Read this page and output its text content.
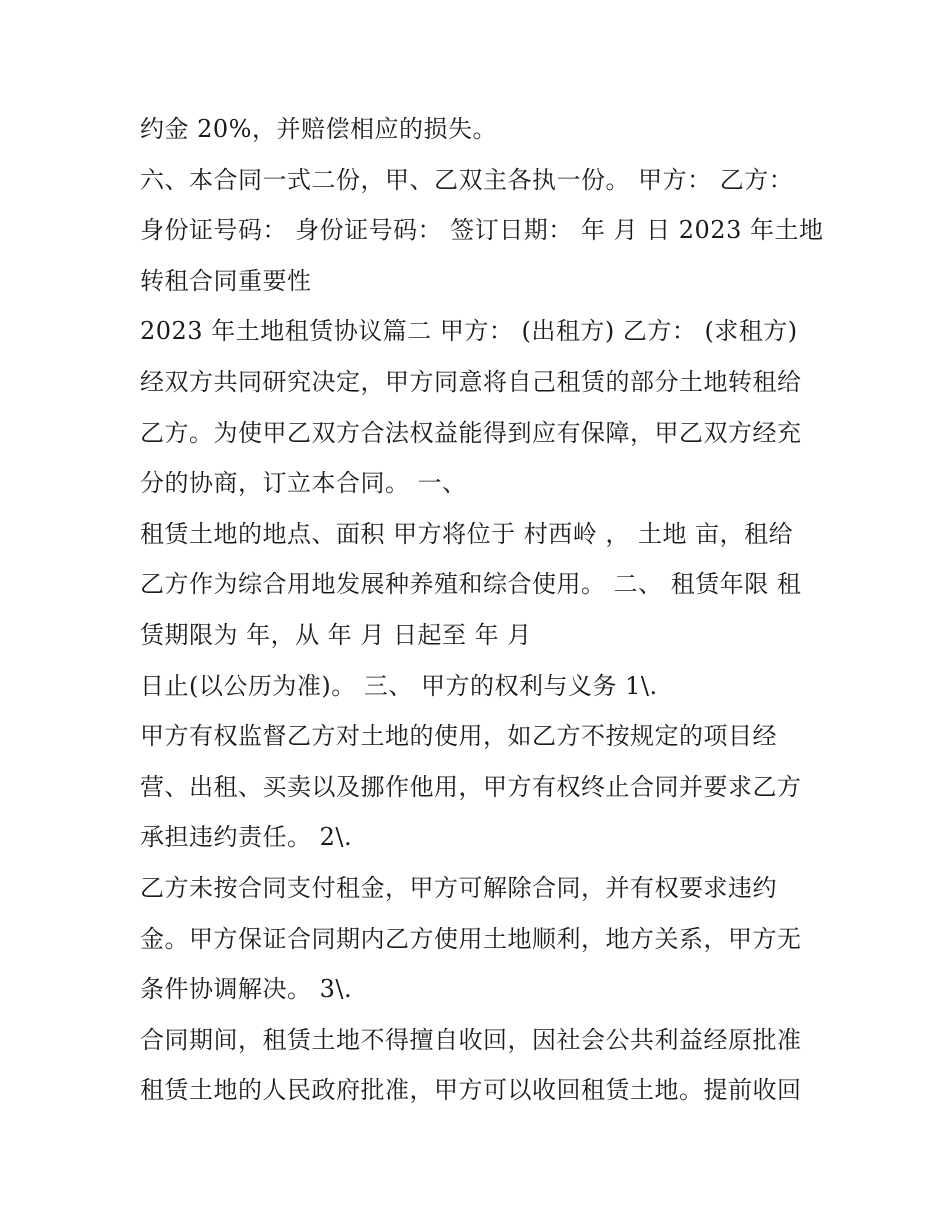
约金 20%，并赔偿相应的损失。
六、本合同一式二份，甲、乙双主各执一份。 甲方： 乙方：
身份证号码： 身份证号码： 签订日期： 年 月 日 2023 年土地
转租合同重要性
2023 年土地租赁协议篇二 甲方： (出租方) 乙方： (求租方)
经双方共同研究决定，甲方同意将自己租赁的部分土地转租给
乙方。为使甲乙双方合法权益能得到应有保障，甲乙双方经充
分的协商，订立本合同。 一、
租赁土地的地点、面积 甲方将位于 村西岭 ， 土地 亩，租给
乙方作为综合用地发展种养殖和综合使用。 二、 租赁年限 租
赁期限为 年，从 年 月 日起至 年 月
日止(以公历为准)。 三、 甲方的权利与义务 1\.
甲方有权监督乙方对土地的使用，如乙方不按规定的项目经
营、出租、买卖以及挪作他用，甲方有权终止合同并要求乙方
承担违约责任。 2\.
乙方未按合同支付租金，甲方可解除合同，并有权要求违约
金。甲方保证合同期内乙方使用土地顺利，地方关系，甲方无
条件协调解决。 3\.
合同期间，租赁土地不得擅自收回，因社会公共利益经原批准
租赁土地的人民政府批准，甲方可以收回租赁土地。提前收回
